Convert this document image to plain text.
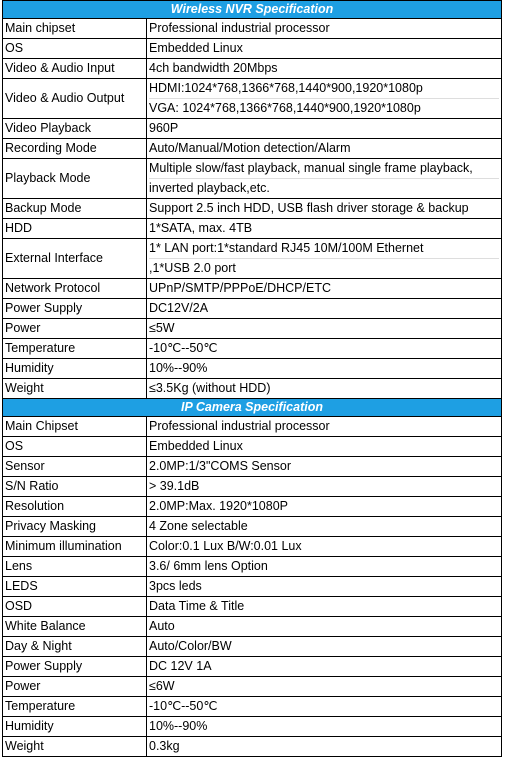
Wireless NVR Specification	
Main chipset	Professional industrial processor
OS	Embedded Linux
Video & Audio Input	4ch bandwidth 20Mbps
Video & Audio Output	HDMI:1024*768,1366*768,1440*900,1920*1080p
VGA: 1024*768,1366*768,1440*900,1920*1080p

Video Playback	960P
Recording Mode	Auto/Manual/Motion detection/Alarm
Playback Mode	Multiple slow/fast playback, manual single frame playback,
inverted playback,etc.

Backup Mode	Support 2.5 inch HDD, USB flash driver storage & backup
HDD	1*SATA, max. 4TB
External Interface	1* LAN port:1*standard RJ45 10M/100M Ethernet
,1*USB 2.0 port

Network Protocol	UPnP/SMTP/PPPoE/DHCP/ETC
Power Supply	DC12V/2A
Power	≤5W
Temperature	-10℃--50℃
Humidity	10%--90%
Weight	≤3.5Kg (without HDD)
IP Camera Specification	
Main Chipset	Professional industrial processor
OS	Embedded Linux
Sensor	2.0MP:1/3"COMS Sensor
S/N Ratio	> 39.1dB
Resolution	2.0MP:Max. 1920*1080P
Privacy Masking	4 Zone selectable
Minimum illumination	Color:0.1 Lux B/W:0.01 Lux
Lens	3.6/ 6mm lens Option
LEDS	3pcs leds
OSD	Data Time & Title
White Balance	Auto
Day & Night	Auto/Color/BW
Power Supply	DC 12V 1A
Power	≤6W
Temperature	-10℃--50℃
Humidity	10%--90%
Weight	0.3kg
